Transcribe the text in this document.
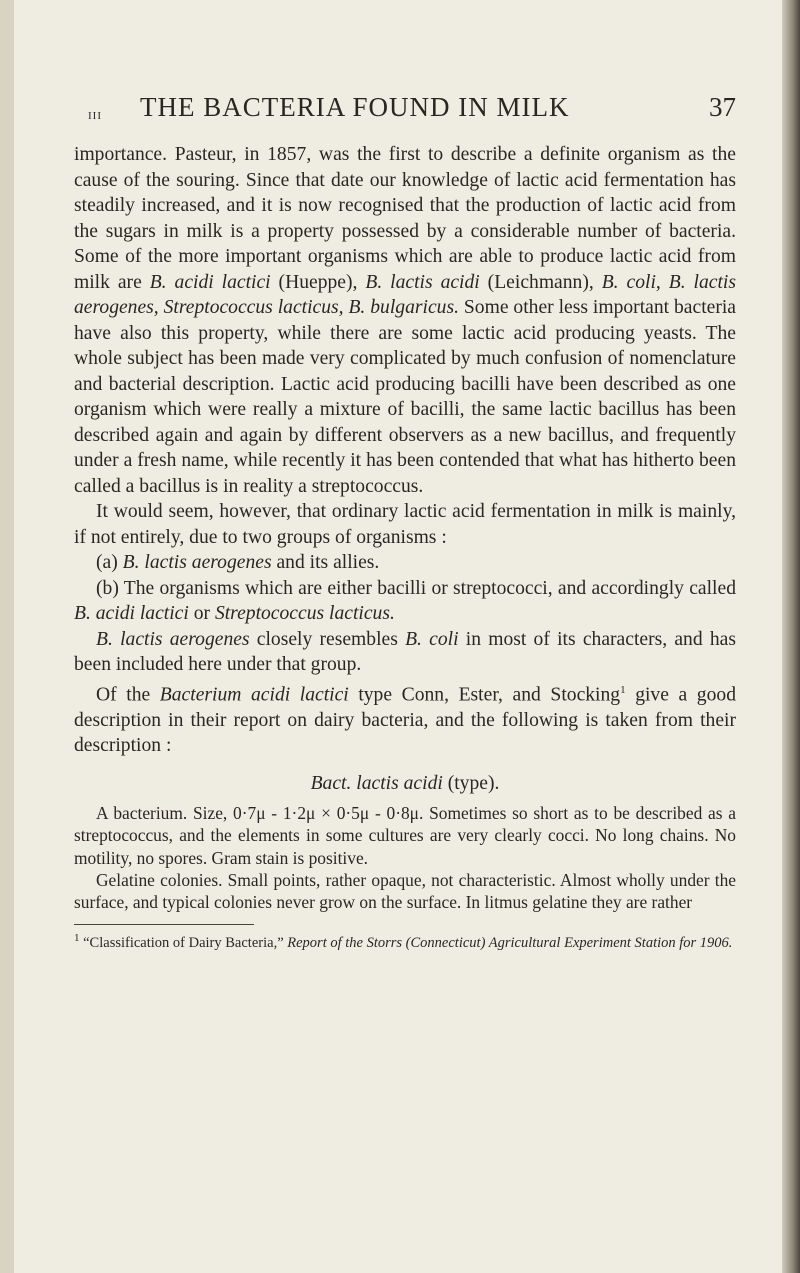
III THE BACTERIA FOUND IN MILK	37

importance. Pasteur, in 1857, was the first to describe a definite organism as the cause of the souring. Since that date our knowledge of lactic acid fermentation has steadily increased, and it is now recognised that the production of lactic acid from the sugars in milk is a property possessed by a considerable number of bacteria. Some of the more important organisms which are able to produce lactic acid from milk are B. acidi lactici (Hueppe), B. lactis acidi (Leichmann), B. coli, B. lactis aerogenes, Streptococcus lacticus, B. bulgaricus. Some other less important bacteria have also this property, while there are some lactic acid producing yeasts. The whole subject has been made very complicated by much confusion of nomenclature and bacterial description. Lactic acid producing bacilli have been described as one organism which were really a mixture of bacilli, the same lactic bacillus has been described again and again by different observers as a new bacillus, and frequently under a fresh name, while recently it has been contended that what has hitherto been called a bacillus is in reality a streptococcus.

It would seem, however, that ordinary lactic acid fermentation in milk is mainly, if not entirely, due to two groups of organisms :

(a) B. lactis aerogenes and its allies.

(b) The organisms which are either bacilli or streptococci, and accordingly called B. acidi lactici or Streptococcus lacticus.

B. lactis aerogenes closely resembles B. coli in most of its characters, and has been included here under that group.

Of the Bacterium acidi lactici type Conn, Ester, and Stocking$^1$ give a good description in their report on dairy bacteria, and the following is taken from their description :

Bact. lactis acidi (type).

A bacterium. Size, 0·7μ - 1·2μ × 0·5μ - 0·8μ. Sometimes so short as to be described as a streptococcus, and the elements in some cultures are very clearly cocci. No long chains. No motility, no spores. Gram stain is positive.

Gelatine colonies. Small points, rather opaque, not characteristic. Almost wholly under the surface, and typical colonies never grow on the surface. In litmus gelatine they are rather

$^1$ “Classification of Dairy Bacteria,” Report of the Storrs (Connecticut) Agricultural Experiment Station for 1906.
